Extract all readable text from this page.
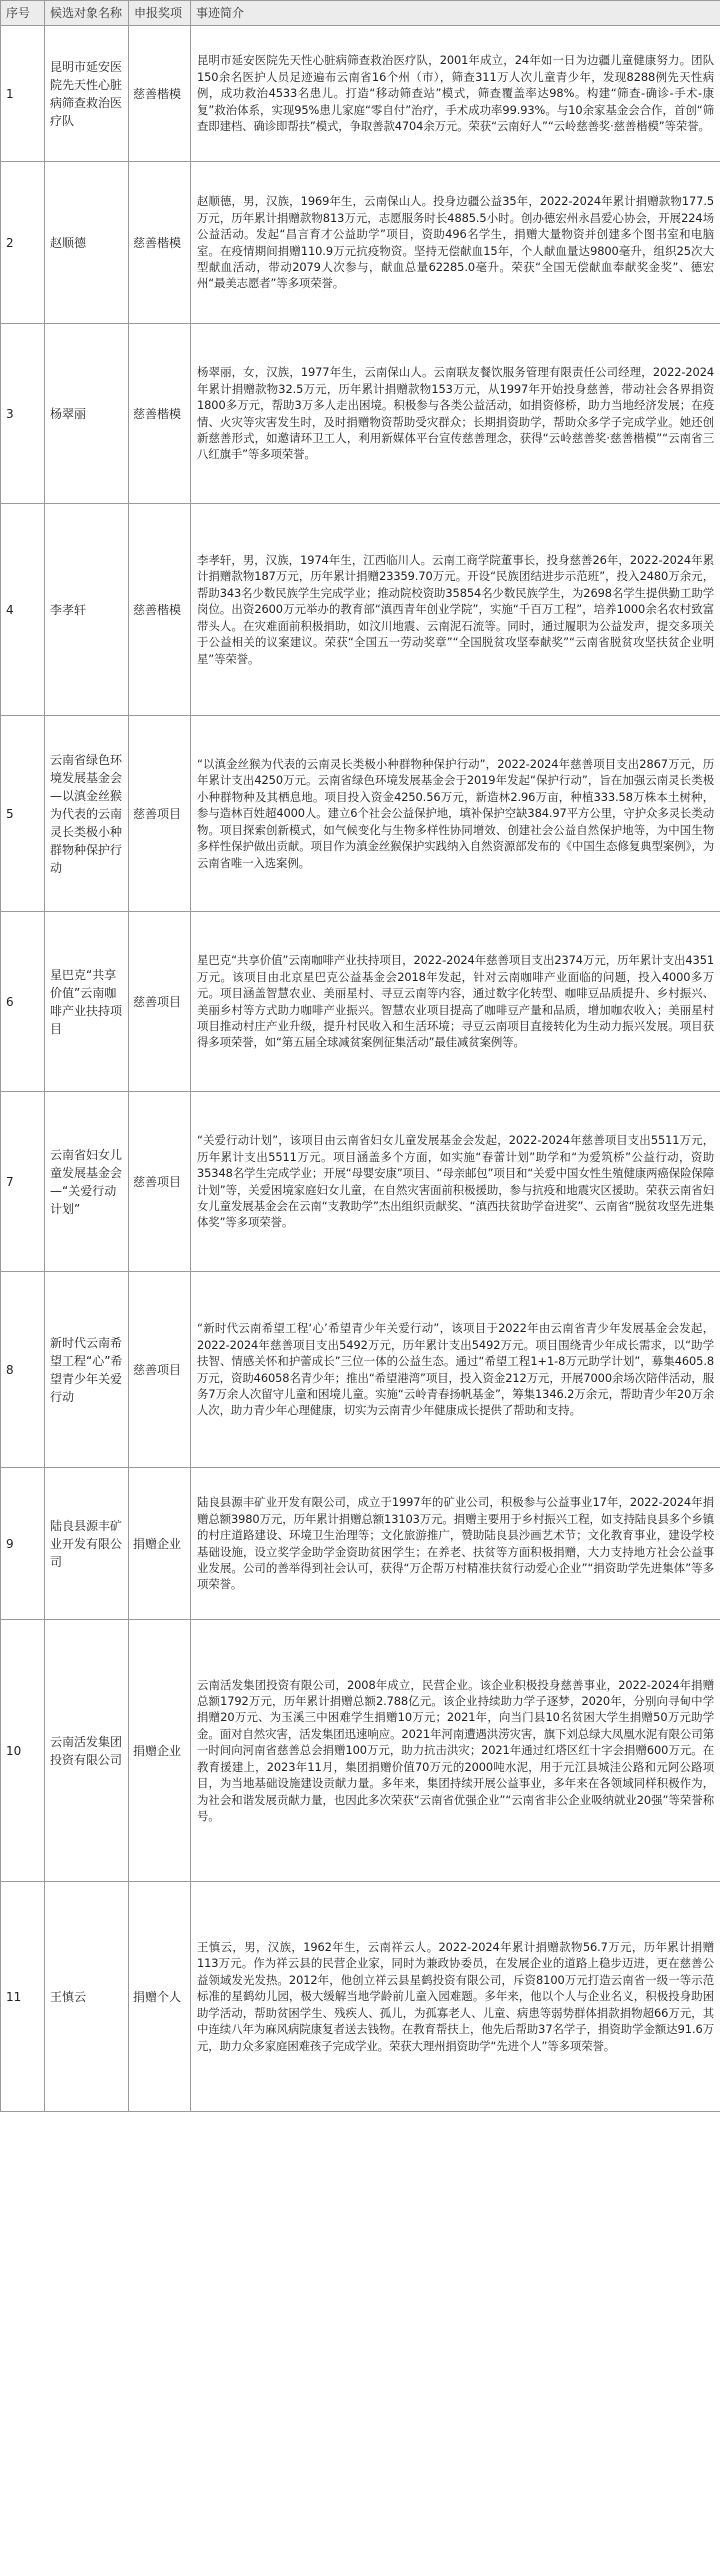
序号	候选对象名称	申报奖项	事迹简介
1	昆明市延安医院先天性心脏病筛查救治医疗队	慈善楷模	昆明市延安医院先天性心脏病筛查救治医疗队，2001年成立，24年如一日为边疆儿童健康努力。团队150余名医护人员足迹遍布云南省16个州（市），筛查311万人次儿童青少年，发现8288例先天性病例，成功救治4533名患儿。打造“移动筛查站”模式，筛查覆盖率达98%。构建“筛查-确诊-手术-康复”救治体系，实现95%患儿家庭“零自付”治疗，手术成功率99.93%。与10余家基金会合作，首创“筛查即建档、确诊即帮扶”模式，争取善款4704余万元。荣获“云南好人”“云岭慈善奖·慈善楷模”等荣誉。
2	赵顺德	慈善楷模	赵顺德，男，汉族，1969年生，云南保山人。投身边疆公益35年，2022-2024年累计捐赠款物177.5万元，历年累计捐赠款物813万元，志愿服务时长4885.5小时。创办德宏州永昌爱心协会，开展224场公益活动。发起“昌言育才公益助学”项目，资助496名学生，捐赠大量物资并创建多个图书室和电脑室。在疫情期间捐赠110.9万元抗疫物资。坚持无偿献血15年，个人献血量达9800毫升，组织25次大型献血活动，带动2079人次参与，献血总量62285.0毫升。荣获“全国无偿献血奉献奖金奖”、德宏州“最美志愿者”等多项荣誉。
3	杨翠丽	慈善楷模	杨翠丽，女，汉族，1977年生，云南保山人。云南联友餐饮服务管理有限责任公司经理，2022-2024年累计捐赠款物32.5万元，历年累计捐赠款物153万元，从1997年开始投身慈善，带动社会各界捐资1800多万元，帮助3万多人走出困境。积极参与各类公益活动，如捐资修桥，助力当地经济发展；在疫情、火灾等灾害发生时，及时捐赠物资帮助受灾群众；长期捐资助学，帮助众多学子完成学业。她还创新慈善形式，如邀请环卫工人，利用新媒体平台宣传慈善理念，获得“云岭慈善奖·慈善楷模”“云南省三八红旗手”等多项荣誉。
4	李孝轩	慈善楷模	李孝轩，男，汉族，1974年生，江西临川人。云南工商学院董事长，投身慈善26年，2022-2024年累计捐赠款物187万元，历年累计捐赠23359.70万元。开设“民族团结进步示范班”，投入2480万余元，帮助343名少数民族学生完成学业；推动院校资助35854名少数民族学生，为2698名学生提供勤工助学岗位。出资2600万元举办的教育部“滇西青年创业学院”，实施“千百万工程”，培养1000余名农村致富带头人。在灾难面前积极捐助，如汶川地震、云南泥石流等。同时，通过履职为公益发声，提交多项关于公益相关的议案建议。荣获“全国五一劳动奖章”“全国脱贫攻坚奉献奖”“云南省脱贫攻坚扶贫企业明星”等荣誉。
5	云南省绿色环境发展基金会—以滇金丝猴为代表的云南灵长类极小种群物种保护行动	慈善项目	“以滇金丝猴为代表的云南灵长类极小种群物种保护行动”，2022-2024年慈善项目支出2867万元，历年累计支出4250万元。云南省绿色环境发展基金会于2019年发起“保护行动”，旨在加强云南灵长类极小种群物种及其栖息地。项目投入资金4250.56万元，新造林2.96万亩，种植333.58万株本土树种，参与造林百姓超4000人。建立6个社会公益保护地，填补保护空缺384.97平方公里，守护众多灵长类动物。项目探索创新模式，如气候变化与生物多样性协同增效、创建社会公益自然保护地等，为中国生物多样性保护做出贡献。项目作为滇金丝猴保护实践纳入自然资源部发布的《中国生态修复典型案例》，为云南省唯一入选案例。
6	星巴克“共享价值”云南咖啡产业扶持项目	慈善项目	星巴克“共享价值”云南咖啡产业扶持项目，2022-2024年慈善项目支出2374万元，历年累计支出4351万元。该项目由北京星巴克公益基金会2018年发起，针对云南咖啡产业面临的问题，投入4000多万元。项目涵盖智慧农业、美丽星村、寻豆云南等内容，通过数字化转型、咖啡豆品质提升、乡村振兴、美丽乡村等方式助力咖啡产业振兴。智慧农业项目提高了咖啡豆产量和品质，增加咖农收入；美丽星村项目推动村庄产业升级，提升村民收入和生活环境；寻豆云南项目直接转化为生动力振兴发展。项目获得多项荣誉，如“第五届全球减贫案例征集活动”最佳减贫案例等。
7	云南省妇女儿童发展基金会—“关爱行动计划”	慈善项目	“关爱行动计划”，该项目由云南省妇女儿童发展基金会发起，2022-2024年慈善项目支出5511万元，历年累计支出5511万元。项目涵盖多个方面，如实施“春蕾计划”助学和“为爱筑桥”公益行动，资助35348名学生完成学业；开展“母婴安康”项目、“母亲邮包”项目和“关爱中国女性生殖健康两癌保险保障计划”等，关爱困境家庭妇女儿童，在自然灾害面前积极援助，参与抗疫和地震灾区援助。荣获云南省妇女儿童发展基金会在云南“支教助学”杰出组织贡献奖、“滇西扶贫助学奋进奖”、云南省“脱贫攻坚先进集体奖”等多项荣誉。
8	新时代云南希望工程“心”希望青少年关爱行动	慈善项目	“新时代云南希望工程‘心’希望青少年关爱行动”，该项目于2022年由云南省青少年发展基金会发起，2022-2024年慈善项目支出5492万元，历年累计支出5492万元。项目围绕青少年成长需求，以“助学扶智、情感关怀和护蕾成长”三位一体的公益生态。通过“希望工程1+1-8万元助学计划”，募集4605.8万元，资助46058名青少年；推出“希望港湾”项目，投入资金212万元，开展7000余场次陪伴活动，服务7万余人次留守儿童和困境儿童。实施“云岭青春扬帆基金”，筹集1346.2万余元，帮助青少年20万余人次，助力青少年心理健康，切实为云南青少年健康成长提供了帮助和支持。
9	陆良县源丰矿业开发有限公司	捐赠企业	陆良县源丰矿业开发有限公司，成立于1997年的矿业公司，积极参与公益事业17年，2022-2024年捐赠总额3980万元，历年累计捐赠总额13103万元。捐赠主要用于乡村振兴工程，如支持陆良县多个乡镇的村庄道路建设、环境卫生治理等；文化旅游推广，赞助陆良县沙画艺术节；文化教育事业，建设学校基础设施，设立奖学金助学金资助贫困学生；在养老、扶贫等方面积极捐赠，大力支持地方社会公益事业发展。公司的善举得到社会认可，获得“万企帮万村精准扶贫行动爱心企业”“捐资助学先进集体”等多项荣誉。
10	云南活发集团投资有限公司	捐赠企业	云南活发集团投资有限公司，2008年成立，民营企业。该企业积极投身慈善事业，2022-2024年捐赠总额1792万元，历年累计捐赠总额2.788亿元。该企业持续助力学子逐梦，2020年，分别向寻甸中学捐赠20万元、为玉溪三中困难学生捐赠10万元；2021年，向当门县10名贫困大学生捐赠50万元助学金。面对自然灾害，活发集团迅速响应。2021年河南遭遇洪涝灾害，旗下刘总绿大凤凰水泥有限公司第一时间向河南省慈善总会捐赠100万元，助力抗击洪灾；2021年通过红塔区红十字会捐赠600万元。在教育援建上，2023年11月，集团捐赠价值70万元的2000吨水泥，用于元江县城洼公路和元阿公路项目，为当地基础设施建设贡献力量。多年来，集团持续开展公益事业，多年来在各领域同样积极作为，为社会和谐发展贡献力量，也因此多次荣获“云南省优强企业”“云南省非公企业吸纳就业20强”等荣誉称号。
11	王慎云	捐赠个人	王慎云，男，汉族，1962年生，云南祥云人。2022-2024年累计捐赠款物56.7万元，历年累计捐赠113万元。作为祥云县的民营企业家，同时为兼政协委员，在发展企业的道路上稳步迈进，更在慈善公益领域发光发热。2012年，他创立祥云县星鹤投资有限公司，斥资8100万元打造云南省一级一等示范标准的星鹤幼儿园，极大缓解当地学龄前儿童入园难题。多年来，他以个人与企业名义，积极投身助困助学活动，帮助贫困学生、残疾人、孤儿，为孤寡老人、儿童、病患等弱势群体捐款捐物超66万元，其中连续八年为麻风病院康复者送去钱物。在教育帮扶上，他先后帮助37名学子，捐资助学金额达91.6万元，助力众多家庭困难孩子完成学业。荣获大理州捐资助学“先进个人”等多项荣誉。
